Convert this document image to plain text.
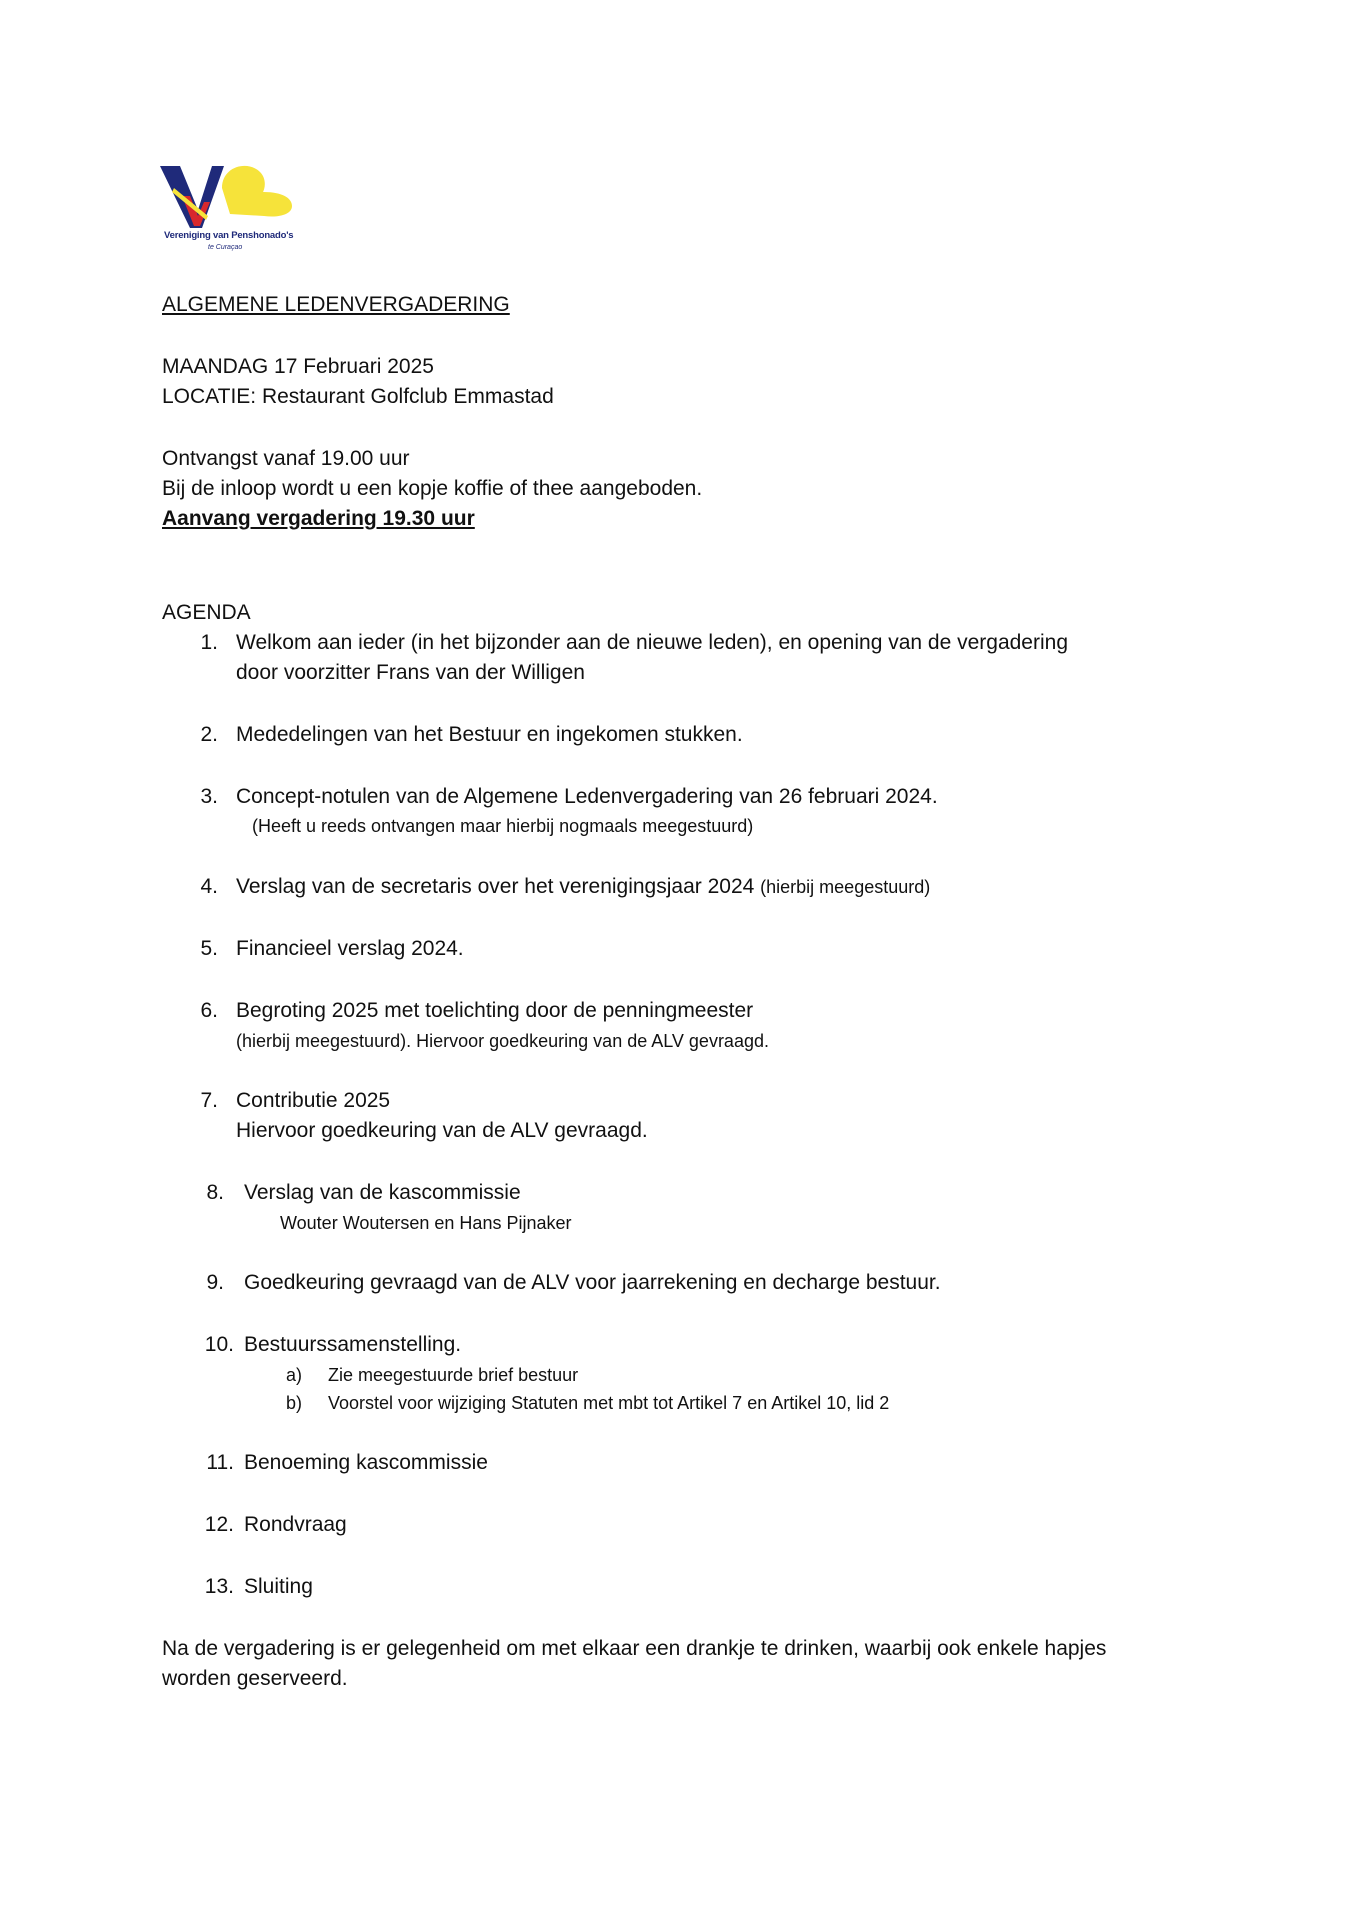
Vereniging van Penshonado's
te Curaçao
ALGEMENE LEDENVERGADERING
MAANDAG 17 Februari 2025
LOCATIE: Restaurant Golfclub Emmastad
Ontvangst vanaf 19.00 uur
Bij de inloop wordt u een kopje koffie of thee aangeboden.
Aanvang vergadering 19.30 uur
AGENDA
1. Welkom aan ieder (in het bijzonder aan de nieuwe leden), en opening van de vergadering
door voorzitter Frans van der Willigen
2. Mededelingen van het Bestuur en ingekomen stukken.
3. Concept-notulen van de Algemene Ledenvergadering van 26 februari 2024.
(Heeft u reeds ontvangen maar hierbij nogmaals meegestuurd)
4. Verslag van de secretaris over het verenigingsjaar 2024 (hierbij meegestuurd)
5. Financieel verslag 2024.
6. Begroting 2025 met toelichting door de penningmeester
(hierbij meegestuurd). Hiervoor goedkeuring van de ALV gevraagd.
7. Contributie 2025
Hiervoor goedkeuring van de ALV gevraagd.
8. Verslag van de kascommissie
Wouter Woutersen en Hans Pijnaker
9. Goedkeuring gevraagd van de ALV voor jaarrekening en decharge bestuur.
10. Bestuurssamenstelling.
a) Zie meegestuurde brief bestuur
b) Voorstel voor wijziging Statuten met mbt tot Artikel 7 en Artikel 10, lid 2
11. Benoeming kascommissie
12. Rondvraag
13. Sluiting
Na de vergadering is er gelegenheid om met elkaar een drankje te drinken, waarbij ook enkele hapjes
worden geserveerd.
